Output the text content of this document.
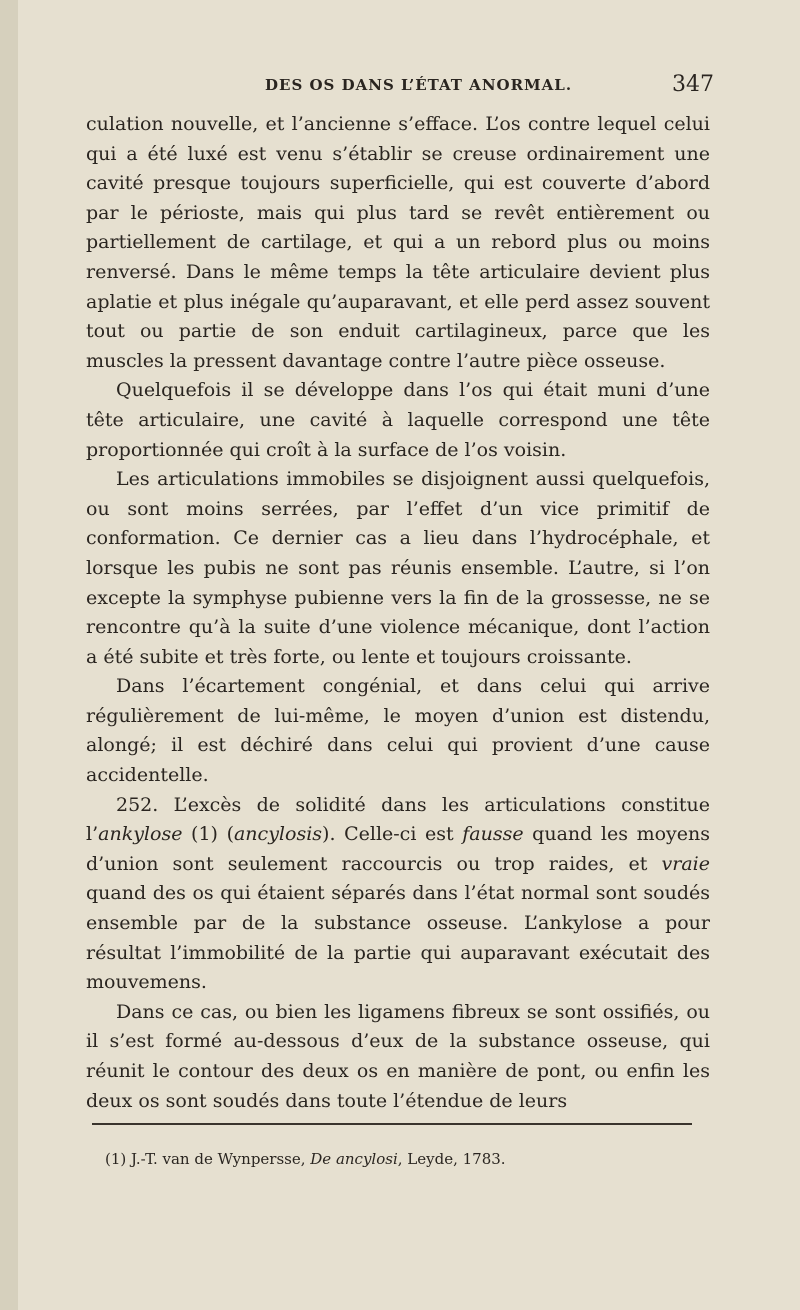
DES OS DANS L’ÉTAT ANORMAL.	347

culation nouvelle, et l’ancienne s’efface. L’os contre lequel celui qui a été luxé est venu s’établir se creuse ordinairement une cavité presque toujours superficielle, qui est couverte d’abord par le périoste, mais qui plus tard se revêt entièrement ou partiellement de cartilage, et qui a un rebord plus ou moins renversé. Dans le même temps la tête articulaire devient plus aplatie et plus inégale qu’auparavant, et elle perd assez souvent tout ou partie de son enduit cartilagineux, parce que les muscles la pressent davantage contre l’autre pièce osseuse.

Quelquefois il se développe dans l’os qui était muni d’une tête articulaire, une cavité à laquelle correspond une tête proportionnée qui croît à la surface de l’os voisin.

Les articulations immobiles se disjoignent aussi quelquefois, ou sont moins serrées, par l’effet d’un vice primitif de conformation. Ce dernier cas a lieu dans l’hydrocéphale, et lorsque les pubis ne sont pas réunis ensemble. L’autre, si l’on excepte la symphyse pubienne vers la fin de la grossesse, ne se rencontre qu’à la suite d’une violence mécanique, dont l’action a été subite et très forte, ou lente et toujours croissante.

Dans l’écartement congénial, et dans celui qui arrive régulièrement de lui-même, le moyen d’union est distendu, alongé; il est déchiré dans celui qui provient d’une cause accidentelle.

252. L’excès de solidité dans les articulations constitue l’ankylose (1) (ancylosis). Celle-ci est fausse quand les moyens d’union sont seulement raccourcis ou trop raides, et vraie quand des os qui étaient séparés dans l’état normal sont soudés ensemble par de la substance osseuse. L’ankylose a pour résultat l’immobilité de la partie qui auparavant exécutait des mouvemens.

Dans ce cas, ou bien les ligamens fibreux se sont ossifiés, ou il s’est formé au-dessous d’eux de la substance osseuse, qui réunit le contour des deux os en manière de pont, ou enfin les deux os sont soudés dans toute l’étendue de leurs

(1) J.-T. van de Wynpersse, De ancylosi, Leyde, 1783.
